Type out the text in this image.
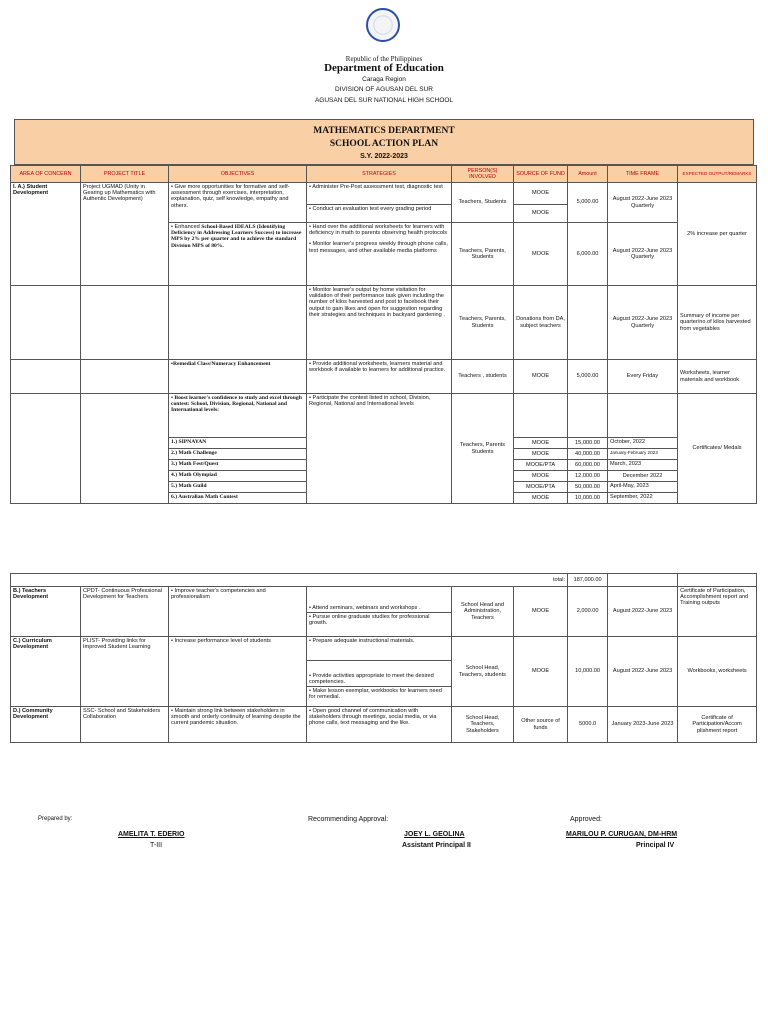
Republic of the Philippines
Department of Education
Caraga Region
DIVISION OF AGUSAN DEL SUR
AGUSAN DEL SUR NATIONAL HIGH SCHOOL
MATHEMATICS DEPARTMENT
SCHOOL ACTION PLAN
S.Y. 2022-2023
AREA OF CONCERN	PROJECT TITLE	OBJECTIVES	STRATEGIES	PERSON(S) INVOLVED	SOURCE OF FUND	Amount	TIME FRAME	EXPECTED OUTPUT/REMARKS
I. A.) Student Development	Project UGMAD (Unity in Gearing up Mathematics with Authentic Development)	• Give more opportunities for formative and self-assessment through exercises, interpretation, explanation, quiz, self knowledge, empathy and others.	• Administer Pre-Post assessment test, diagnostic test	Teachers, Students	MOOE	5,000.00	August 2022-June 2023 Quarterly	2% increase per quarter
			• Conduct an evaluation test every grading period		MOOE			
		• Enhanced School-Based IDEALS (Identifying Deficiency in Addressing Learners Success) to increase MPS by 2% per quarter and to achieve the standard Division MPS of 80%.	• Hand over the additional worksheets for learners with deficiency in math to parents observing health protocols
• Monitor learner's progress weekly through phone calls, text messages, and other available media platforms	Teachers, Parents, Students	MOOE	6,000.00	August 2022-June 2023 Quarterly	
			• Monitor learner's output by home visitation for validation of their performance task given including the number of kilos harvested and post to facebook their output to gain likes and open for suggestion regarding their strategies and techniques in backyard gardening .	Teachers, Parents, Students	Donations from DA, subject teachers		August 2022-June 2023 Quarterly	Summary of income per quarter/no.of kilos harvested from vegetables
		•Remedial Class/Numeracy Enhancement	• Provide additional worksheets, learners material and workbook if available to learners for additional practice.	Teachers , students	MOOE	5,000.00	Every Friday	Worksheets, learner materials and workbook
		• Boost learner's confidence to study and excel through contest: School, Division, Regional, National and International levels:	• Participate the contest listed in school, Division, Regional, National and International levels	Teachers, Parents Students				Certificates/ Medals
		1.) SIPNAYAN			MOOE	15,000.00	October, 2022	
		2.) Math Challenge			MOOE	40,000.00	January-February 2023	
		3.) Math Fest/Quest			MOOE/PTA	60,000.00	March, 2023	
		4.) Math Olympiad			MOOE	12,000.00	December 2022	
		5.) Math Guild			MOOE/PTA	50,000.00	April-May, 2023	
		6.) Australian Math Contest			MOOE	10,000.00	September, 2022	
total:						187,000.00		
B.) Teachers Development	CPDT- Continuous Professional Development for Teachers	• Improve teacher's competencies and professionalism	• Attend seminars, webinars and workshops .	School Head and Administration, Teachers	MOOE	2,000.00	August 2022-June 2023	Certificate of Participation, Accomplishment report and Training outputs
			• Pursue online graduate studies for professional growth.					
C.) Curriculum Development	PLIST- Providing links for Improved Student Learning	• Increase performance level of students	• Prepare adequate instructional materials.	School Head, Teachers, students	MOOE	10,000.00	August 2022-June 2023	Workbooks, worksheets
			• Provide activities appropriate to meet the desired competencies.					
			• Make lesson exemplar, workbooks for learners need for remedial.					
D.) Community Development	SSC- School and Stakeholders Collaboration	• Maintain strong link between stakeholders in smooth and orderly continuity of learning despite the current pandemic situation.	• Open good channel of communication with stakeholders through meetings, social media, or via phone calls, text messaging and the like.	School Head, Teachers, Stakeholders	Other source of funds	5000.0	January 2023-June 2023	Certificate of Participation/Accom plishment report
Prepared by:	Recommending Approval:	Approved:
AMELITA T. EDERIO
T-III
JOEY L. GEOLINA
Assistant Principal II
MARILOU P. CURUGAN, DM-HRM
Principal IV
